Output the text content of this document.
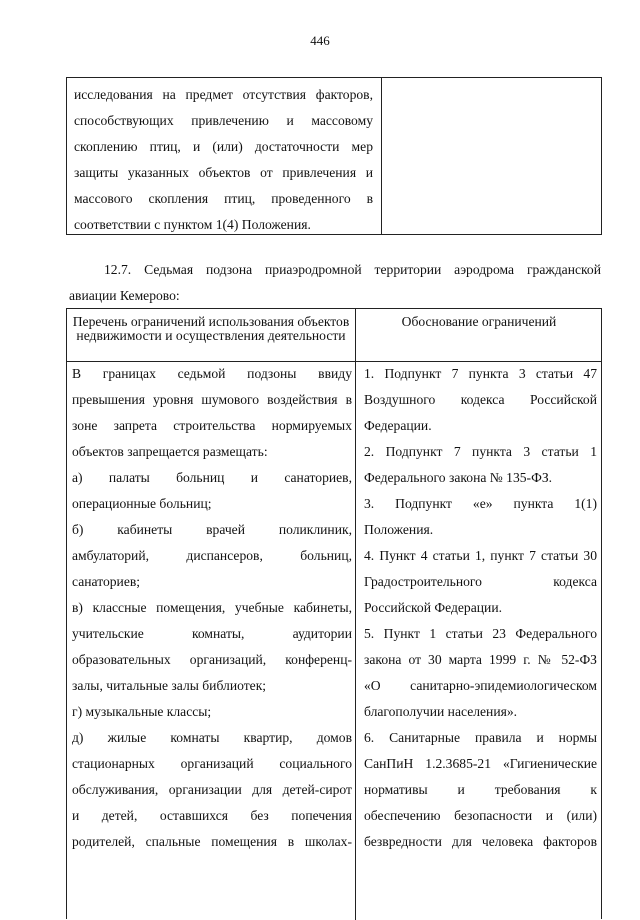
446
исследования на предмет отсутствия факторов,
способствующих привлечению и массовому
скоплению птиц, и (или) достаточности мер
защиты указанных объектов от привлечения и
массового скопления птиц, проведенного в
соответствии с пунктом 1(4) Положения.
12.7. Седьмая подзона приаэродромной территории аэродрома гражданской
авиации Кемерово:
Перечень ограничений использования объектов недвижимости и осуществления деятельности
Обоснование ограничений
В границах седьмой подзоны ввиду
превышения уровня шумового воздействия в
зоне запрета строительства нормируемых
объектов запрещается размещать:
а) палаты больниц и санаториев,
операционные больниц;
б) кабинеты врачей поликлиник,
амбулаторий, диспансеров, больниц,
санаториев;
в) классные помещения, учебные кабинеты,
учительские комнаты, аудитории
образовательных организаций, конференц-
залы, читальные залы библиотек;
г) музыкальные классы;
д) жилые комнаты квартир, домов
стационарных организаций социального
обслуживания, организации для детей-сирот
и детей, оставшихся без попечения
родителей, спальные помещения в школах-
1. Подпункт 7 пункта 3 статьи 47
Воздушного кодекса Российской
Федерации.
2. Подпункт 7 пункта 3 статьи 1
Федерального закона № 135-ФЗ.
3. Подпункт «е» пункта 1(1)
Положения.
4. Пункт 4 статьи 1, пункт 7 статьи 30
Градостроительного кодекса
Российской Федерации.
5. Пункт 1 статьи 23 Федерального
закона от 30 марта 1999 г. № 52-ФЗ
«О санитарно-эпидемиологическом
благополучии населения».
6. Санитарные правила и нормы
СанПиН 1.2.3685-21 «Гигиенические
нормативы и требования к
обеспечению безопасности и (или)
безвредности для человека факторов
